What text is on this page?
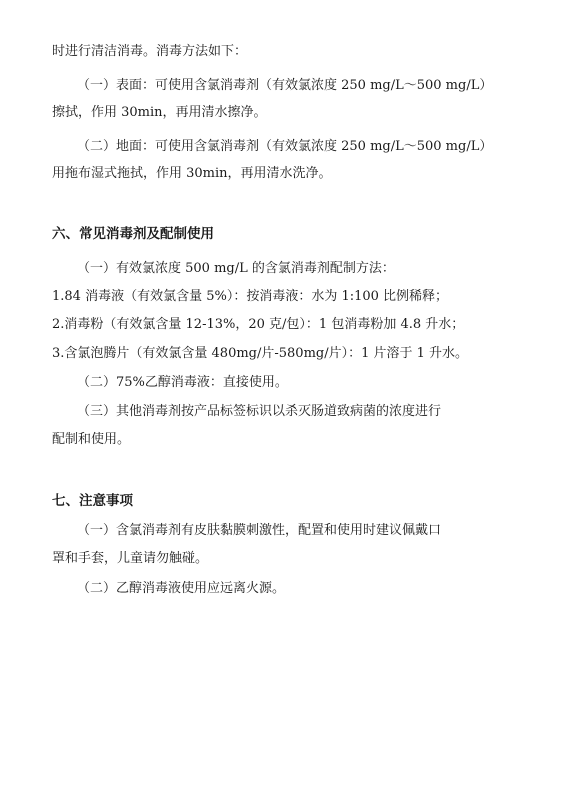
时进行清洁消毒。消毒方法如下：
（一）表面：可使用含氯消毒剂（有效氯浓度 250 mg/L～500 mg/L）
擦拭，作用 30min，再用清水擦净。
（二）地面：可使用含氯消毒剂（有效氯浓度 250 mg/L～500 mg/L）
用拖布湿式拖拭，作用 30min，再用清水洗净。
六、常见消毒剂及配制使用
（一）有效氯浓度 500 mg/L 的含氯消毒剂配制方法：
1.84 消毒液（有效氯含量 5%）：按消毒液：水为 1:100 比例稀释；
2.消毒粉（有效氯含量 12-13%，20 克/包）：1 包消毒粉加 4.8 升水；
3.含氯泡腾片（有效氯含量 480mg/片-580mg/片）：1 片溶于 1 升水。
（二）75%乙醇消毒液：直接使用。
（三）其他消毒剂按产品标签标识以杀灭肠道致病菌的浓度进行
配制和使用。
七、注意事项
（一）含氯消毒剂有皮肤黏膜刺激性，配置和使用时建议佩戴口
罩和手套，儿童请勿触碰。
（二）乙醇消毒液使用应远离火源。
